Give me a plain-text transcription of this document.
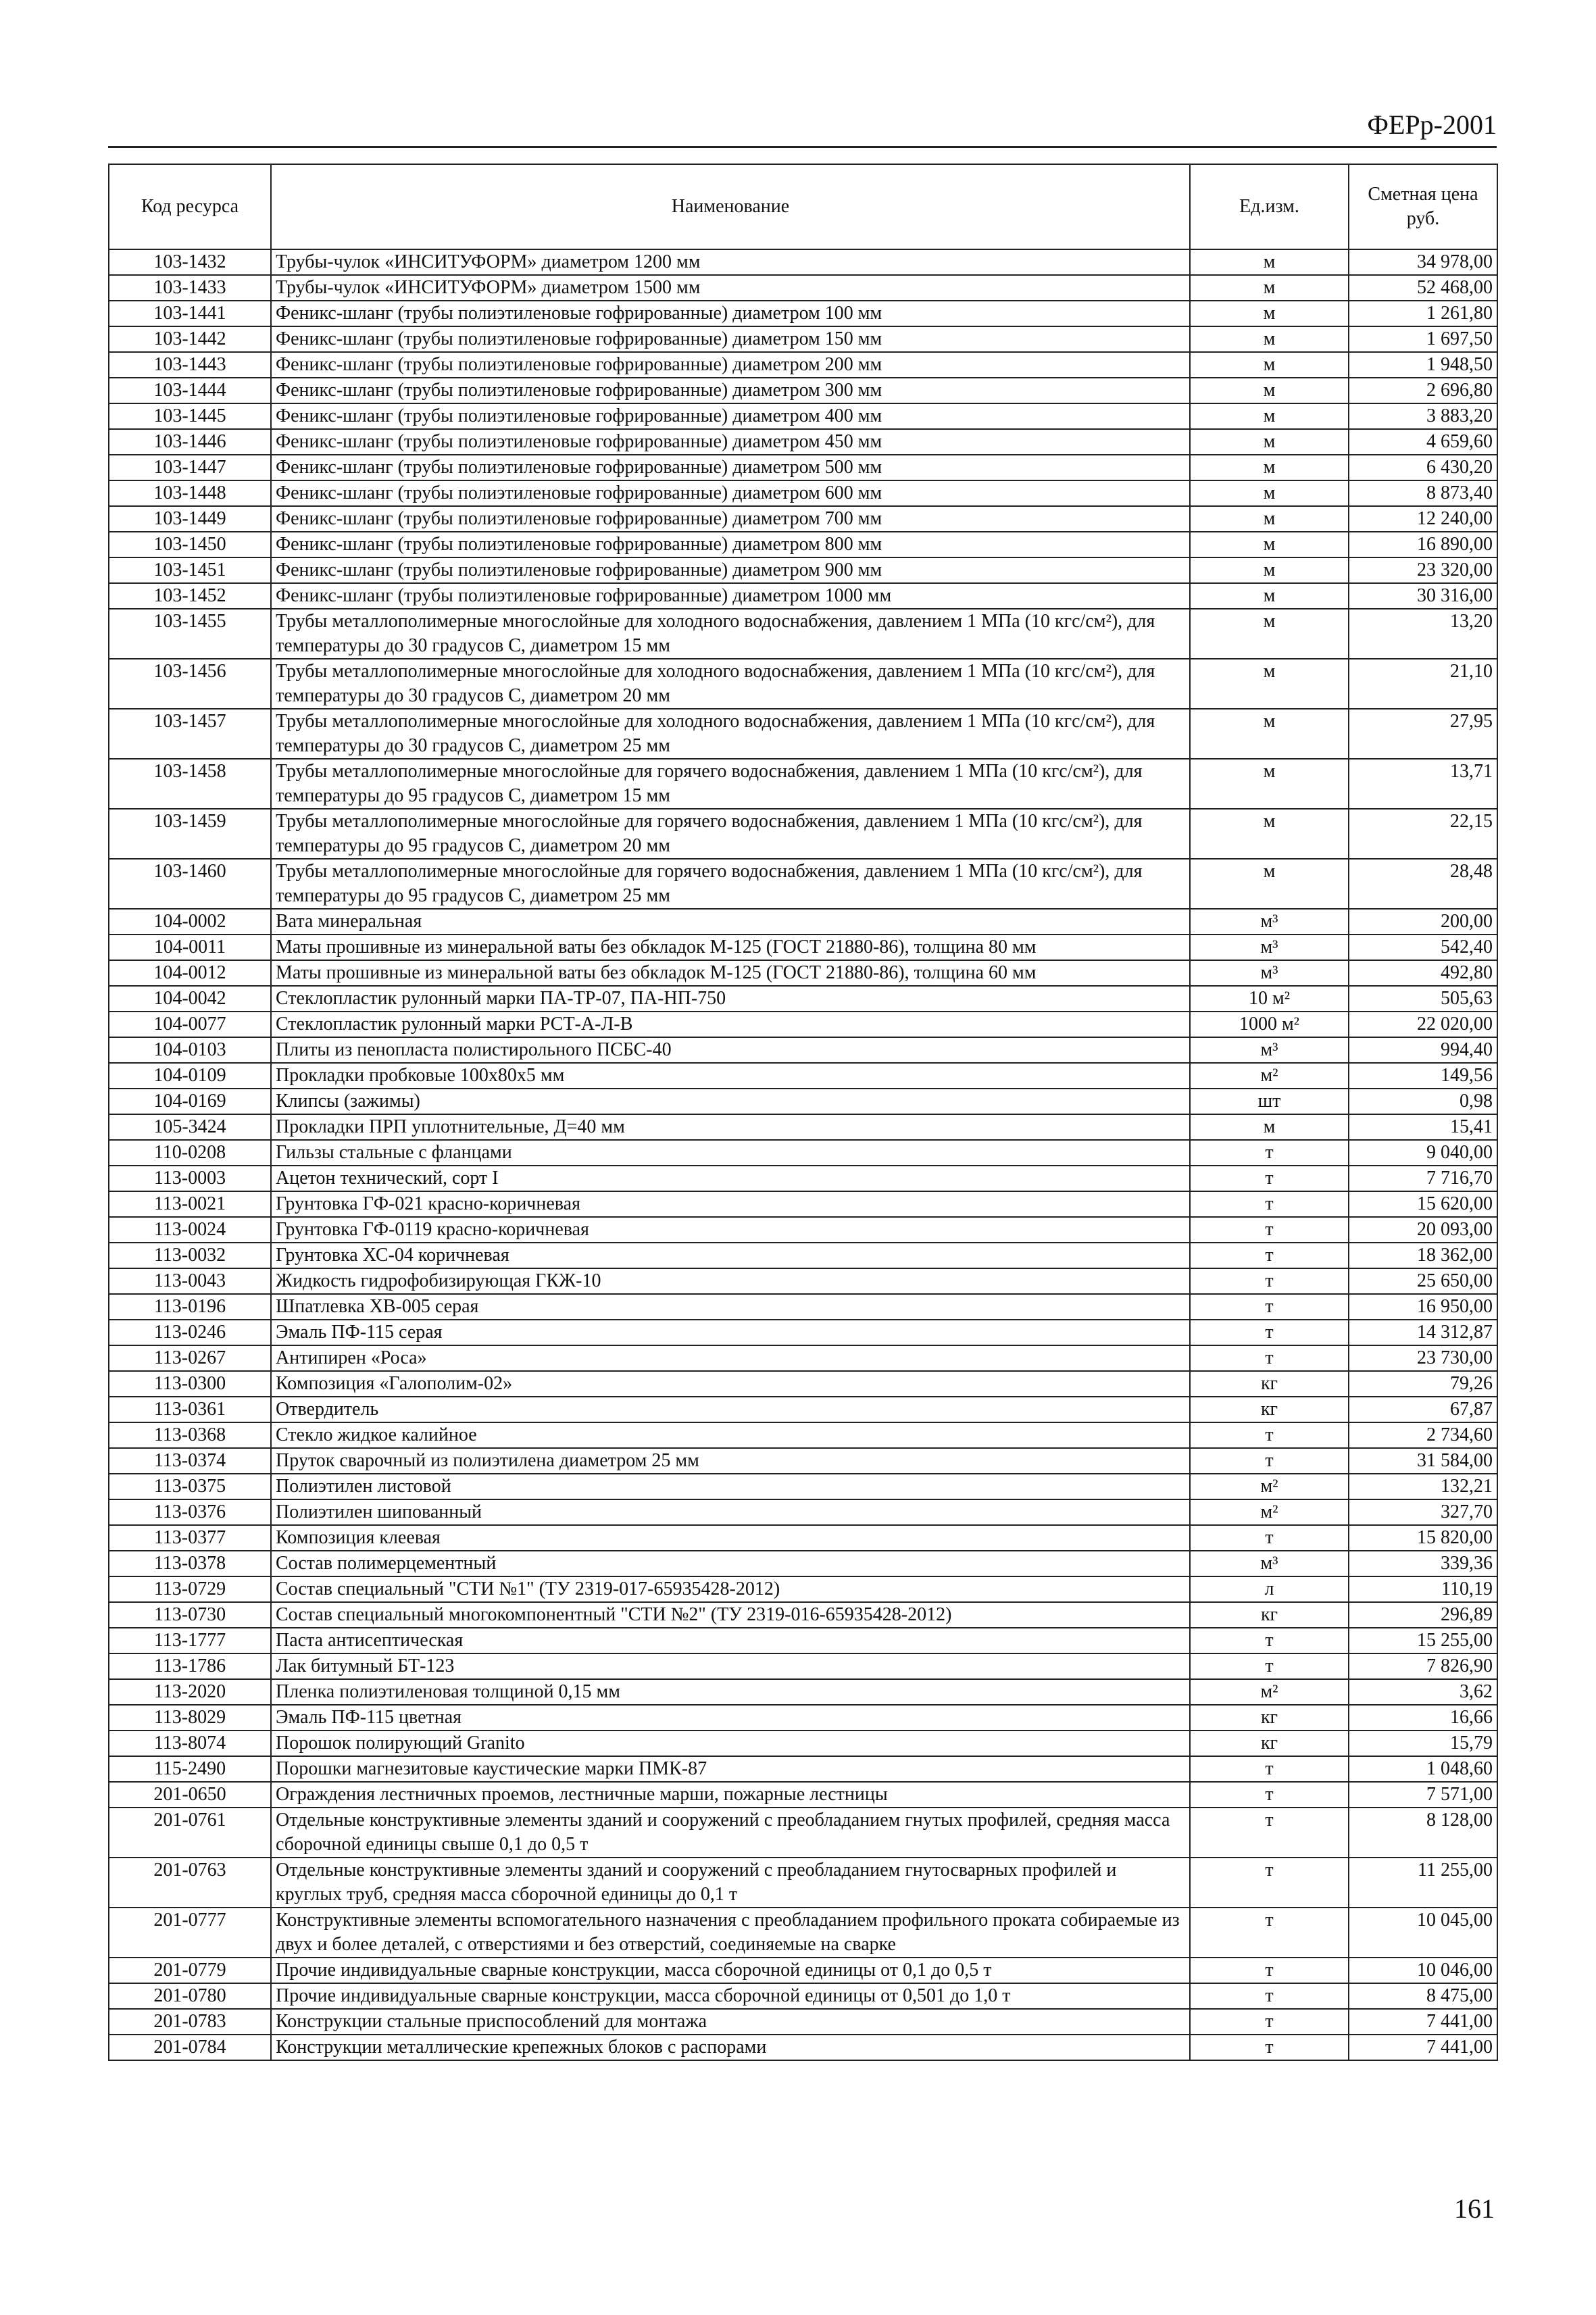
ФЕРр-2001
Код ресурса	Наименование	Ед.изм.	Сметная цена руб.
103-1432	Трубы-чулок «ИНСИТУФОРМ» диаметром 1200 мм	м	34 978,00
103-1433	Трубы-чулок «ИНСИТУФОРМ» диаметром 1500 мм	м	52 468,00
103-1441	Феникс-шланг (трубы полиэтиленовые гофрированные) диаметром 100 мм	м	1 261,80
103-1442	Феникс-шланг (трубы полиэтиленовые гофрированные) диаметром 150 мм	м	1 697,50
103-1443	Феникс-шланг (трубы полиэтиленовые гофрированные) диаметром 200 мм	м	1 948,50
103-1444	Феникс-шланг (трубы полиэтиленовые гофрированные) диаметром 300 мм	м	2 696,80
103-1445	Феникс-шланг (трубы полиэтиленовые гофрированные) диаметром 400 мм	м	3 883,20
103-1446	Феникс-шланг (трубы полиэтиленовые гофрированные) диаметром 450 мм	м	4 659,60
103-1447	Феникс-шланг (трубы полиэтиленовые гофрированные) диаметром 500 мм	м	6 430,20
103-1448	Феникс-шланг (трубы полиэтиленовые гофрированные) диаметром 600 мм	м	8 873,40
103-1449	Феникс-шланг (трубы полиэтиленовые гофрированные) диаметром 700 мм	м	12 240,00
103-1450	Феникс-шланг (трубы полиэтиленовые гофрированные) диаметром 800 мм	м	16 890,00
103-1451	Феникс-шланг (трубы полиэтиленовые гофрированные) диаметром 900 мм	м	23 320,00
103-1452	Феникс-шланг (трубы полиэтиленовые гофрированные) диаметром 1000 мм	м	30 316,00
103-1455	Трубы металлополимерные многослойные для холодного водоснабжения, давлением 1 МПа (10 кгс/см²), для температуры до 30 градусов С, диаметром 15 мм	м	13,20
103-1456	Трубы металлополимерные многослойные для холодного водоснабжения, давлением 1 МПа (10 кгс/см²), для температуры до 30 градусов С, диаметром 20 мм	м	21,10
103-1457	Трубы металлополимерные многослойные для холодного водоснабжения, давлением 1 МПа (10 кгс/см²), для температуры до 30 градусов С, диаметром 25 мм	м	27,95
103-1458	Трубы металлополимерные многослойные для горячего водоснабжения, давлением 1 МПа (10 кгс/см²), для температуры до 95 градусов С, диаметром 15 мм	м	13,71
103-1459	Трубы металлополимерные многослойные для горячего водоснабжения, давлением 1 МПа (10 кгс/см²), для температуры до 95 градусов С, диаметром 20 мм	м	22,15
103-1460	Трубы металлополимерные многослойные для горячего водоснабжения, давлением 1 МПа (10 кгс/см²), для температуры до 95 градусов С, диаметром 25 мм	м	28,48
104-0002	Вата минеральная	м³	200,00
104-0011	Маты прошивные из минеральной ваты без обкладок М-125 (ГОСТ 21880-86), толщина 80 мм	м³	542,40
104-0012	Маты прошивные из минеральной ваты без обкладок М-125 (ГОСТ 21880-86), толщина 60 мм	м³	492,80
104-0042	Стеклопластик рулонный марки ПА-ТР-07, ПА-НП-750	10 м²	505,63
104-0077	Стеклопластик рулонный марки РСТ-А-Л-В	1000 м²	22 020,00
104-0103	Плиты из пенопласта полистирольного ПСБС-40	м³	994,40
104-0109	Прокладки пробковые 100х80х5 мм	м²	149,56
104-0169	Клипсы (зажимы)	шт	0,98
105-3424	Прокладки ПРП уплотнительные, Д=40 мм	м	15,41
110-0208	Гильзы стальные с фланцами	т	9 040,00
113-0003	Ацетон технический, сорт I	т	7 716,70
113-0021	Грунтовка ГФ-021 красно-коричневая	т	15 620,00
113-0024	Грунтовка ГФ-0119 красно-коричневая	т	20 093,00
113-0032	Грунтовка ХС-04 коричневая	т	18 362,00
113-0043	Жидкость гидрофобизирующая ГКЖ-10	т	25 650,00
113-0196	Шпатлевка ХВ-005 серая	т	16 950,00
113-0246	Эмаль ПФ-115 серая	т	14 312,87
113-0267	Антипирен «Роса»	т	23 730,00
113-0300	Композиция «Галополим-02»	кг	79,26
113-0361	Отвердитель	кг	67,87
113-0368	Стекло жидкое калийное	т	2 734,60
113-0374	Пруток сварочный из полиэтилена диаметром 25 мм	т	31 584,00
113-0375	Полиэтилен листовой	м²	132,21
113-0376	Полиэтилен шипованный	м²	327,70
113-0377	Композиция клеевая	т	15 820,00
113-0378	Состав полимерцементный	м³	339,36
113-0729	Состав специальный "СТИ №1" (ТУ 2319-017-65935428-2012)	л	110,19
113-0730	Состав специальный многокомпонентный "СТИ №2" (ТУ 2319-016-65935428-2012)	кг	296,89
113-1777	Паста антисептическая	т	15 255,00
113-1786	Лак битумный БТ-123	т	7 826,90
113-2020	Пленка полиэтиленовая толщиной 0,15 мм	м²	3,62
113-8029	Эмаль ПФ-115 цветная	кг	16,66
113-8074	Порошок полирующий Granito	кг	15,79
115-2490	Порошки магнезитовые каустические марки ПМК-87	т	1 048,60
201-0650	Ограждения лестничных проемов, лестничные марши, пожарные лестницы	т	7 571,00
201-0761	Отдельные конструктивные элементы зданий и сооружений с преобладанием гнутых профилей, средняя масса сборочной единицы свыше 0,1 до 0,5 т	т	8 128,00
201-0763	Отдельные конструктивные элементы зданий и сооружений с преобладанием гнутосварных профилей и круглых труб, средняя масса сборочной единицы до 0,1 т	т	11 255,00
201-0777	Конструктивные элементы вспомогательного назначения с преобладанием профильного проката собираемые из двух и более деталей, с отверстиями и без отверстий, соединяемые на сварке	т	10 045,00
201-0779	Прочие индивидуальные сварные конструкции, масса сборочной единицы от 0,1 до 0,5 т	т	10 046,00
201-0780	Прочие индивидуальные сварные конструкции, масса сборочной единицы от 0,501 до 1,0 т	т	8 475,00
201-0783	Конструкции стальные приспособлений для монтажа	т	7 441,00
201-0784	Конструкции металлические крепежных блоков с распорами	т	7 441,00
161
